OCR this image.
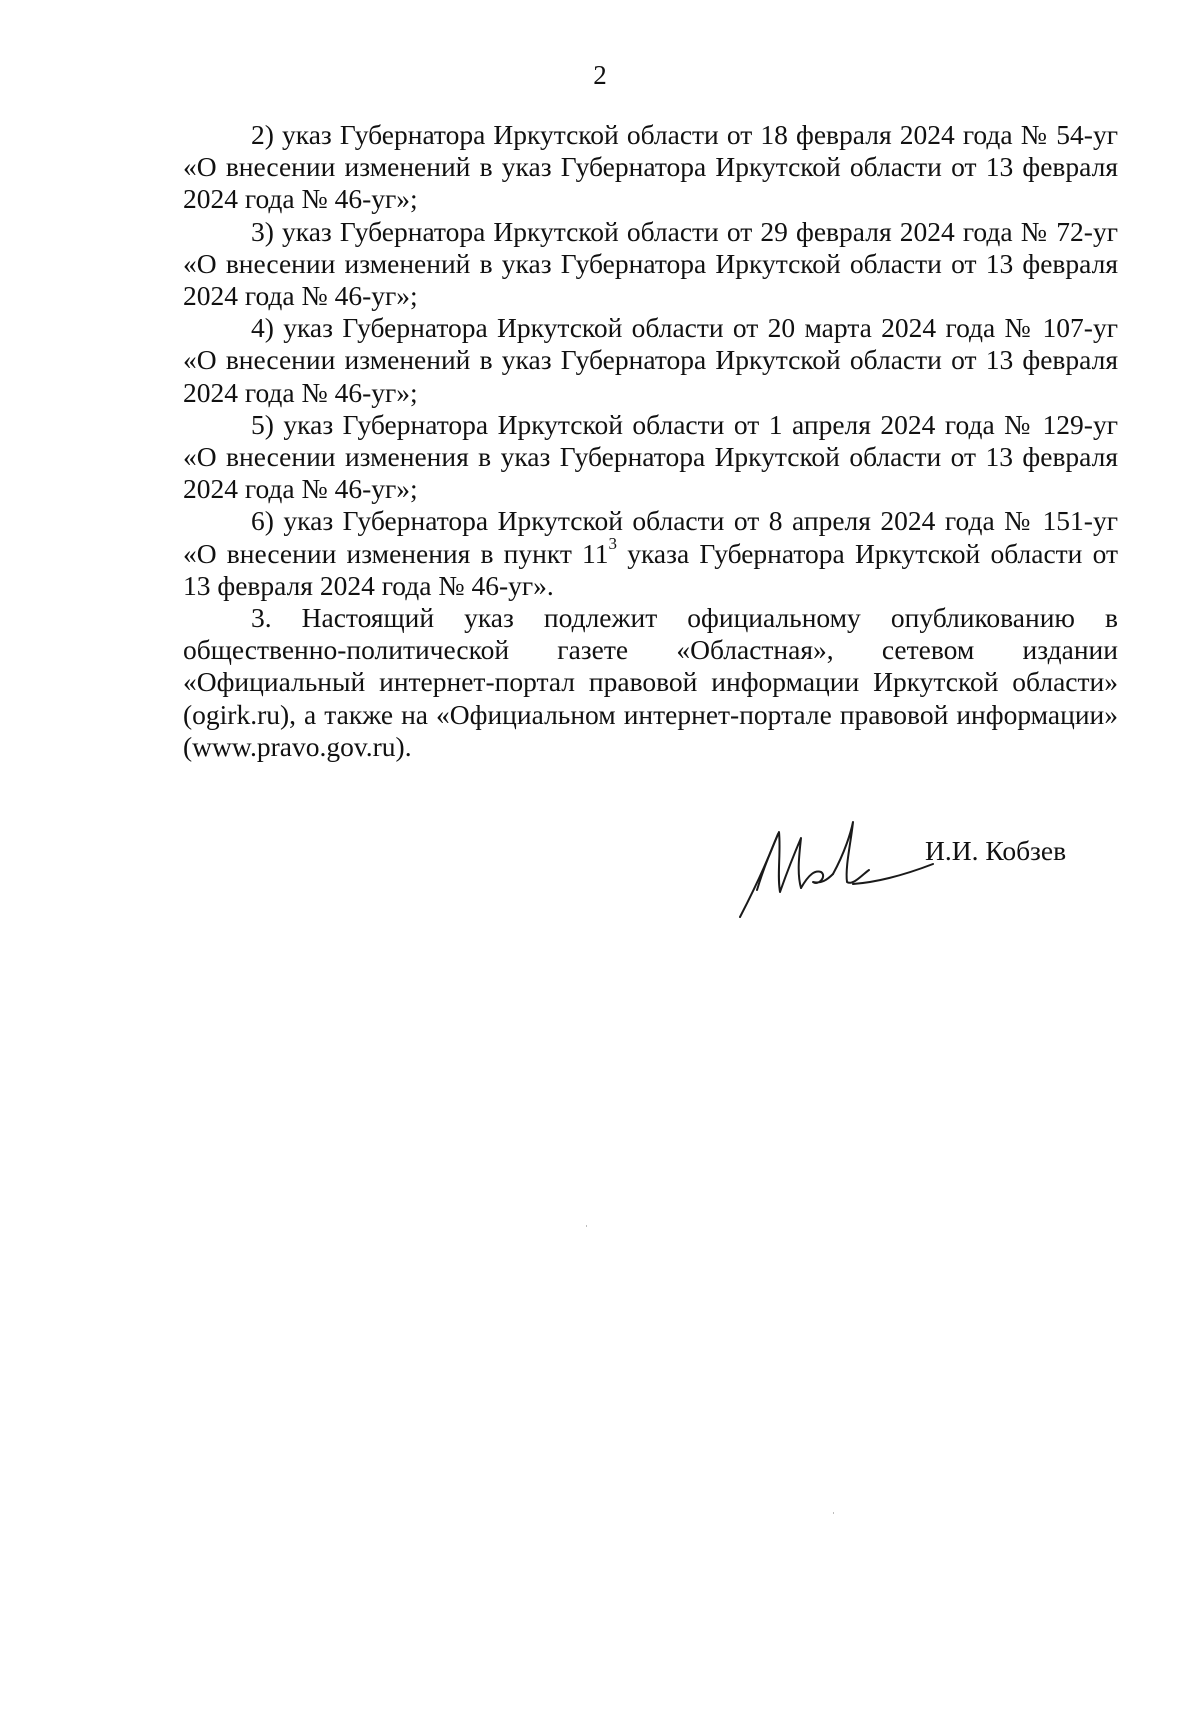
2

2) указ Губернатора Иркутской области от 18 февраля 2024 года № 54-уг «О внесении изменений в указ Губернатора Иркутской области от 13 февраля 2024 года № 46-уг»;

3) указ Губернатора Иркутской области от 29 февраля 2024 года № 72-уг «О внесении изменений в указ Губернатора Иркутской области от 13 февраля 2024 года № 46-уг»;

4) указ Губернатора Иркутской области от 20 марта 2024 года № 107-уг «О внесении изменений в указ Губернатора Иркутской области от 13 февраля 2024 года № 46-уг»;

5) указ Губернатора Иркутской области от 1 апреля 2024 года № 129-уг «О внесении изменения в указ Губернатора Иркутской области от 13 февраля 2024 года № 46-уг»;

6) указ Губернатора Иркутской области от 8 апреля 2024 года № 151-уг «О внесении изменения в пункт $11^3$ указа Губернатора Иркутской области от 13 февраля 2024 года № 46-уг».

3. Настоящий указ подлежит официальному опубликованию в общественно-политической газете «Областная», сетевом издании «Официальный интернет-портал правовой информации Иркутской области» (ogirk.ru), а также на «Официальном интернет-портале правовой информации» (www.pravo.gov.ru).

И.И. Кобзев
